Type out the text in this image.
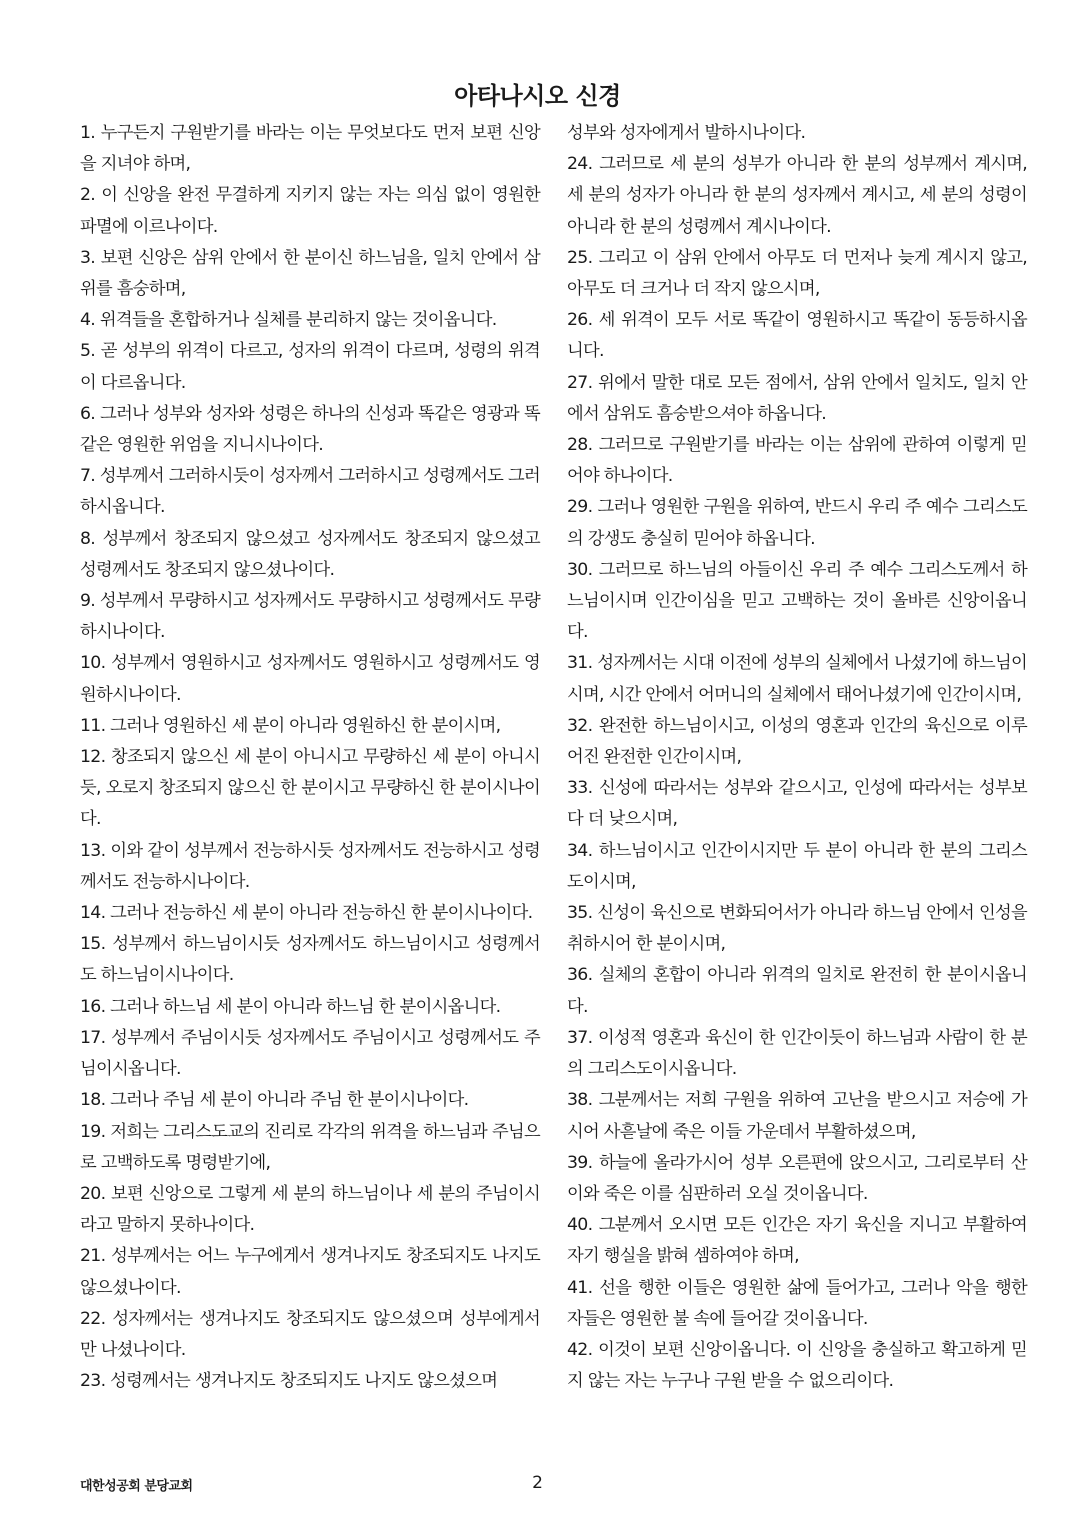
아타나시오 신경

1. 누구든지 구원받기를 바라는 이는 무엇보다도 먼저 보편 신앙을 지녀야 하며,

2. 이 신앙을 완전 무결하게 지키지 않는 자는 의심 없이 영원한 파멸에 이르나이다.

3. 보편 신앙은 삼위 안에서 한 분이신 하느님을, 일치 안에서 삼위를 흠숭하며,

4. 위격들을 혼합하거나 실체를 분리하지 않는 것이옵니다.

5. 곧 성부의 위격이 다르고, 성자의 위격이 다르며, 성령의 위격이 다르옵니다.

6. 그러나 성부와 성자와 성령은 하나의 신성과 똑같은 영광과 똑같은 영원한 위엄을 지니시나이다.

7. 성부께서 그러하시듯이 성자께서 그러하시고 성령께서도 그러하시옵니다.

8. 성부께서 창조되지 않으셨고 성자께서도 창조되지 않으셨고 성령께서도 창조되지 않으셨나이다.

9. 성부께서 무량하시고 성자께서도 무량하시고 성령께서도 무량하시나이다.

10. 성부께서 영원하시고 성자께서도 영원하시고 성령께서도 영원하시나이다.

11. 그러나 영원하신 세 분이 아니라 영원하신 한 분이시며,

12. 창조되지 않으신 세 분이 아니시고 무량하신 세 분이 아니시듯, 오로지 창조되지 않으신 한 분이시고 무량하신 한 분이시나이다.

13. 이와 같이 성부께서 전능하시듯 성자께서도 전능하시고 성령께서도 전능하시나이다.

14. 그러나 전능하신 세 분이 아니라 전능하신 한 분이시나이다.

15. 성부께서 하느님이시듯 성자께서도 하느님이시고 성령께서도 하느님이시나이다.

16. 그러나 하느님 세 분이 아니라 하느님 한 분이시옵니다.

17. 성부께서 주님이시듯 성자께서도 주님이시고 성령께서도 주님이시옵니다.

18. 그러나 주님 세 분이 아니라 주님 한 분이시나이다.

19. 저희는 그리스도교의 진리로 각각의 위격을 하느님과 주님으로 고백하도록 명령받기에,

20. 보편 신앙으로 그렇게 세 분의 하느님이나 세 분의 주님이시라고 말하지 못하나이다.

21. 성부께서는 어느 누구에게서 생겨나지도 창조되지도 나지도 않으셨나이다.

22. 성자께서는 생겨나지도 창조되지도 않으셨으며 성부에게서만 나셨나이다.

23. 성령께서는 생겨나지도 창조되지도 나지도 않으셨으며

성부와 성자에게서 발하시나이다.

24. 그러므로 세 분의 성부가 아니라 한 분의 성부께서 계시며, 세 분의 성자가 아니라 한 분의 성자께서 계시고, 세 분의 성령이 아니라 한 분의 성령께서 계시나이다.

25. 그리고 이 삼위 안에서 아무도 더 먼저나 늦게 계시지 않고, 아무도 더 크거나 더 작지 않으시며,

26. 세 위격이 모두 서로 똑같이 영원하시고 똑같이 동등하시옵니다.

27. 위에서 말한 대로 모든 점에서, 삼위 안에서 일치도, 일치 안에서 삼위도 흠숭받으셔야 하옵니다.

28. 그러므로 구원받기를 바라는 이는 삼위에 관하여 이렇게 믿어야 하나이다.

29. 그러나 영원한 구원을 위하여, 반드시 우리 주 예수 그리스도의 강생도 충실히 믿어야 하옵니다.

30. 그러므로 하느님의 아들이신 우리 주 예수 그리스도께서 하느님이시며 인간이심을 믿고 고백하는 것이 올바른 신앙이옵니다.

31. 성자께서는 시대 이전에 성부의 실체에서 나셨기에 하느님이시며, 시간 안에서 어머니의 실체에서 태어나셨기에 인간이시며,

32. 완전한 하느님이시고, 이성의 영혼과 인간의 육신으로 이루어진 완전한 인간이시며,

33. 신성에 따라서는 성부와 같으시고, 인성에 따라서는 성부보다 더 낮으시며,

34. 하느님이시고 인간이시지만 두 분이 아니라 한 분의 그리스도이시며,

35. 신성이 육신으로 변화되어서가 아니라 하느님 안에서 인성을 취하시어 한 분이시며,

36. 실체의 혼합이 아니라 위격의 일치로 완전히 한 분이시옵니다.

37. 이성적 영혼과 육신이 한 인간이듯이 하느님과 사람이 한 분의 그리스도이시옵니다.

38. 그분께서는 저희 구원을 위하여 고난을 받으시고 저승에 가시어 사흗날에 죽은 이들 가운데서 부활하셨으며,

39. 하늘에 올라가시어 성부 오른편에 앉으시고, 그리로부터 산 이와 죽은 이를 심판하러 오실 것이옵니다.

40. 그분께서 오시면 모든 인간은 자기 육신을 지니고 부활하여 자기 행실을 밝혀 셈하여야 하며,

41. 선을 행한 이들은 영원한 삶에 들어가고, 그러나 악을 행한 자들은 영원한 불 속에 들어갈 것이옵니다.

42. 이것이 보편 신앙이옵니다. 이 신앙을 충실하고 확고하게 믿지 않는 자는 누구나 구원 받을 수 없으리이다.

대한성공회 분당교회	2
